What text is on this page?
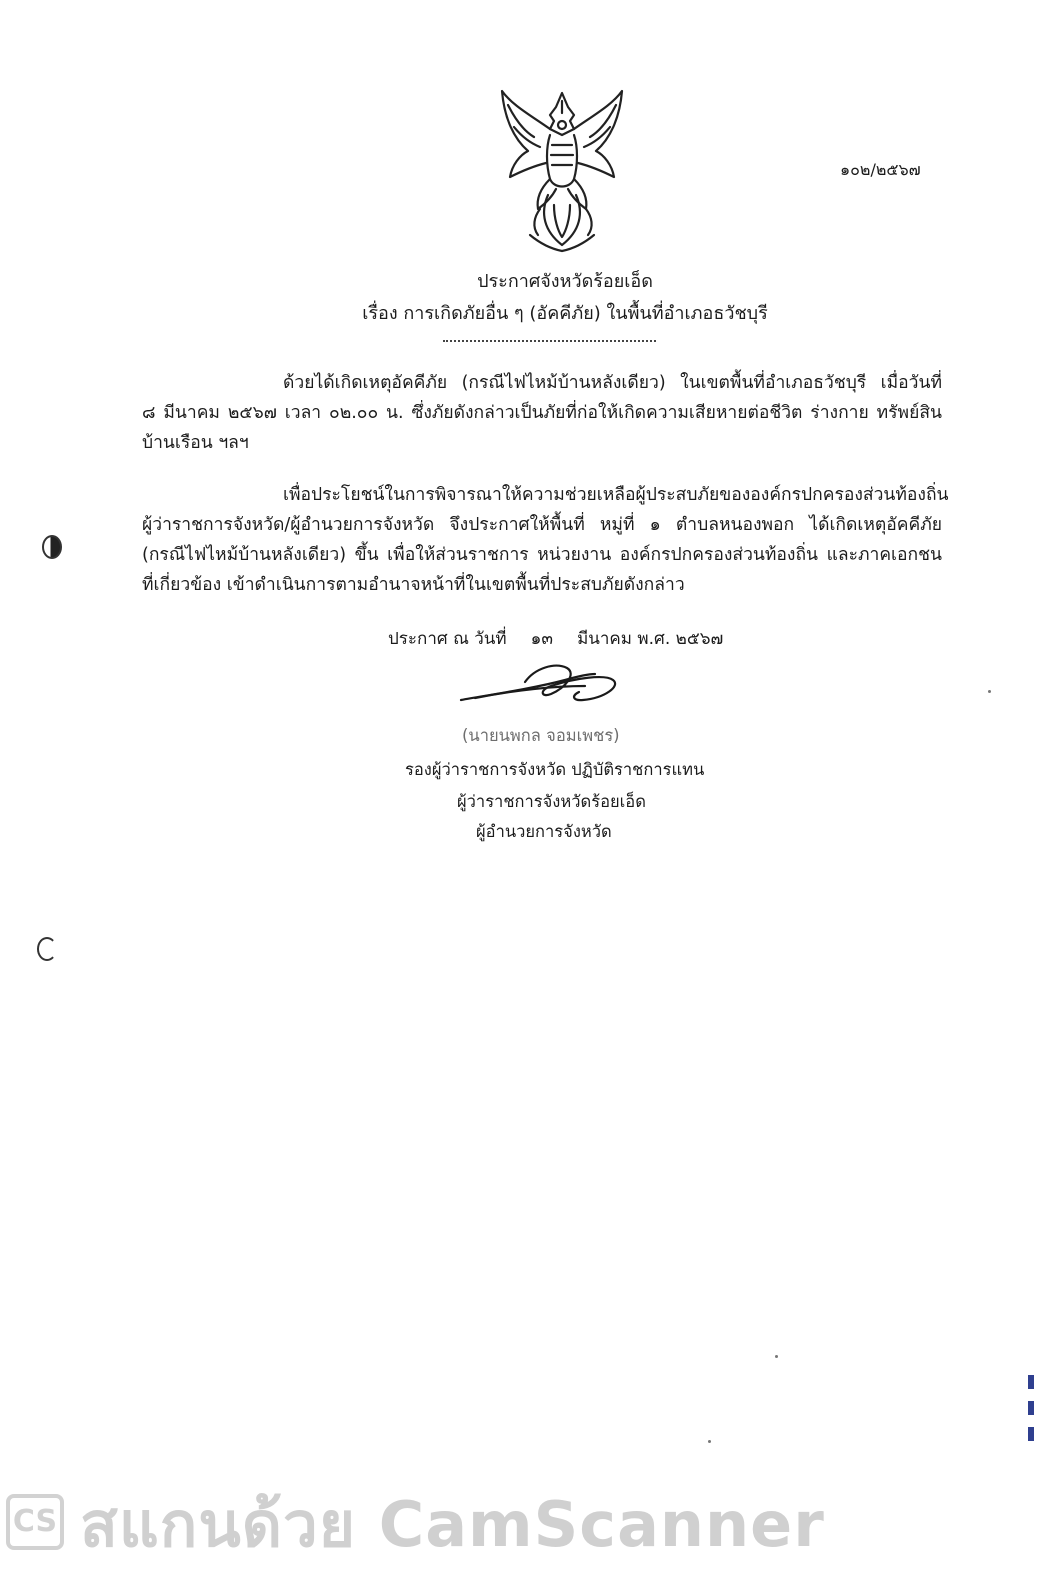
๑๐๒/๒๕๖๗
ประกาศจังหวัดร้อยเอ็ด
เรื่อง การเกิดภัยอื่น ๆ (อัคคีภัย) ในพื้นที่อำเภอธวัชบุรี
ด้วยได้เกิดเหตุอัคคีภัย (กรณีไฟไหม้บ้านหลังเดียว) ในเขตพื้นที่อำเภอธวัชบุรี เมื่อวันที่
๘ มีนาคม ๒๕๖๗ เวลา ๐๒.๐๐ น. ซึ่งภัยดังกล่าวเป็นภัยที่ก่อให้เกิดความเสียหายต่อชีวิต ร่างกาย ทรัพย์สิน
บ้านเรือน ฯลฯ
เพื่อประโยชน์ในการพิจารณาให้ความช่วยเหลือผู้ประสบภัยขององค์กรปกครองส่วนท้องถิ่น
ผู้ว่าราชการจังหวัด/ผู้อำนวยการจังหวัด จึงประกาศให้พื้นที่ หมู่ที่ ๑ ตำบลหนองพอก ได้เกิดเหตุอัคคีภัย
(กรณีไฟไหม้บ้านหลังเดียว) ขึ้น เพื่อให้ส่วนราชการ หน่วยงาน องค์กรปกครองส่วนท้องถิ่น และภาคเอกชน
ที่เกี่ยวข้อง เข้าดำเนินการตามอำนาจหน้าที่ในเขตพื้นที่ประสบภัยดังกล่าว
ประกาศ ณ วันที่ ๑๓ มีนาคม พ.ศ. ๒๕๖๗
(นายนพกล จอมเพชร)
รองผู้ว่าราชการจังหวัด ปฏิบัติราชการแทน
ผู้ว่าราชการจังหวัดร้อยเอ็ด
ผู้อำนวยการจังหวัด
CS สแกนด้วย CamScanner
